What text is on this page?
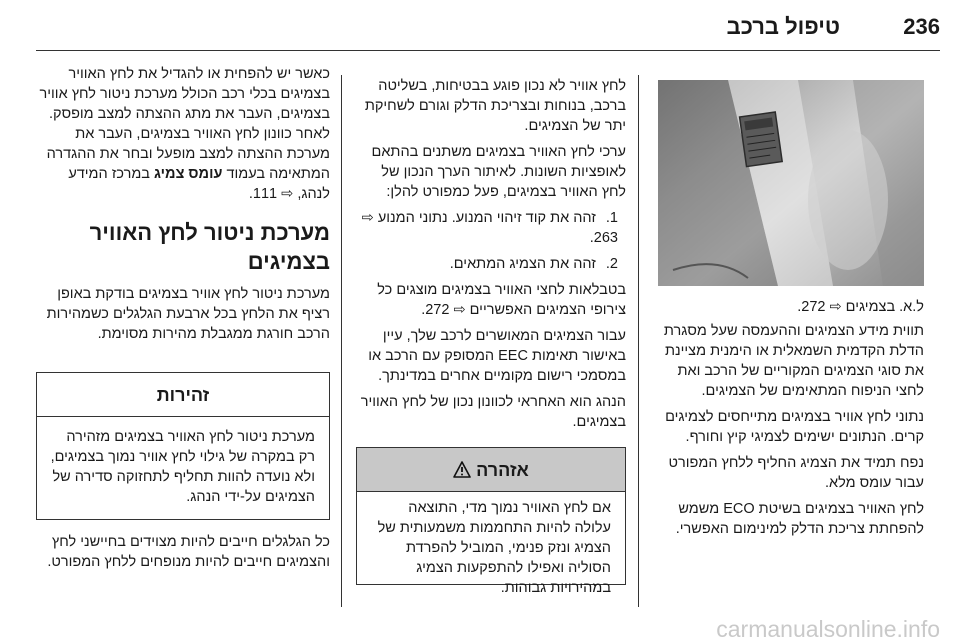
236
טיפול ברכב

ל.א. בצמיגים ⇨ 272.

תווית מידע הצמיגים וההעמסה שעל מסגרת הדלת הקדמית השמאלית או הימנית מציינת את סוגי הצמיגים המקוריים של הרכב ואת לחצי הניפוח המתאימים של הצמיגים.

נתוני לחץ אוויר בצמיגים מתייחסים לצמיגים קרים. הנתונים ישימים לצמיגי קיץ וחורף.

נפח תמיד את הצמיג החליף ללחץ המפורט עבור עומס מלא.

לחץ האוויר בצמיגים בשיטת ECO משמש להפחתת צריכת הדלק למינימום האפשרי.

לחץ אוויר לא נכון פוגע בבטיחות, בשליטה ברכב, בנוחות ובצריכת הדלק וגורם לשחיקת יתר של הצמיגים.

ערכי לחץ האוויר בצמיגים משתנים בהתאם לאופציות השונות. לאיתור הערך הנכון של לחץ האוויר בצמיגים, פעל כמפורט להלן:

1.זהה את קוד זיהוי המנוע. נתוני המנוע ⇨ 263.

2.זהה את הצמיג המתאים.

בטבלאות לחצי האוויר בצמיגים מוצגים כל צירופי הצמיגים האפשריים ⇨ 272.

עבור הצמיגים המאושרים לרכב שלך, עיין באישור תאימות EEC המסופק עם הרכב או במסמכי רישום מקומיים אחרים במדינתך.

הנהג הוא האחראי לכוונון נכון של לחץ האוויר בצמיגים.

אזהרה
אם לחץ האוויר נמוך מדי, התוצאה עלולה להיות התחממות משמעותית של הצמיג ונזק פנימי, המוביל להפרדת הסוליה ואפילו להתפקעות הצמיג במהירויות גבוהות.

כאשר יש להפחית או להגדיל את לחץ האוויר בצמיגים בכלי רכב הכולל מערכת ניטור לחץ אוויר בצמיגים, העבר את מתג ההצתה למצב מופסק. לאחר כוונון לחץ האוויר בצמיגים, העבר את מערכת ההצתה למצב מופעל ובחר את ההגדרה המתאימה בעמוד עומס צמיג במרכז המידע לנהג, ⇨ 111.

מערכת ניטור לחץ האוויר בצמיגים

מערכת ניטור לחץ אוויר בצמיגים בודקת באופן רציף את הלחץ בכל ארבעת הגלגלים כשמהירות הרכב חורגת ממגבלת מהירות מסוימת.

זהירות
מערכת ניטור לחץ האוויר בצמיגים מזהירה רק במקרה של גילוי לחץ אוויר נמוך בצמיגים, ולא נועדה להוות תחליף לתחזוקה סדירה של הצמיגים על-ידי הנהג.

כל הגלגלים חייבים להיות מצוידים בחיישני לחץ והצמיגים חייבים להיות מנופחים ללחץ המפורט.

carmanualsonline.info
